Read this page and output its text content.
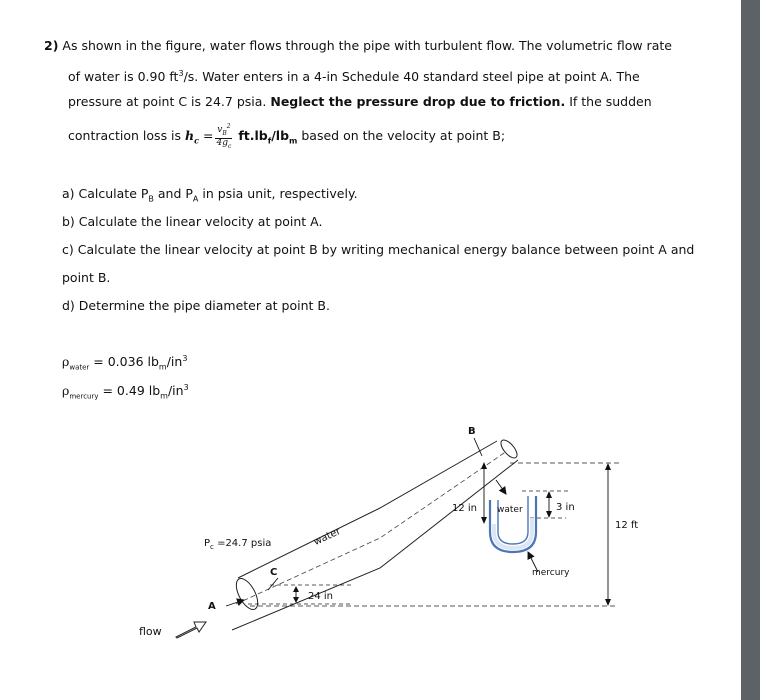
2) As shown in the figure, water flows through the pipe with turbulent flow. The volumetric flow rate
of water is 0.90 $ft^3/s$. Water enters in a 4-in Schedule 40 standard steel pipe at point A. The
pressure at point C is 24.7 psia. Neglect the pressure drop due to friction. If the sudden
contraction loss is $h_c = \frac{v_B^2}{4g_c} ft.lb_f/lb_m$ based on the velocity at point B;
a) Calculate $P_B$ and $P_A$ in psia unit, respectively.
b) Calculate the linear velocity at point A.
c) Calculate the linear velocity at point B by writing mechanical energy balance between point A and
point B.
d) Determine the pipe diameter at point B.
$\rho_{water} = 0.036$ $lb_m/in^3$
$\rho_{mercury} = 0.49$ $lb_m/in^3$
B
A
C
12 in water	3 in
12 ft
$P_c =24.7$ psia	water
24 in
mercury
flow
